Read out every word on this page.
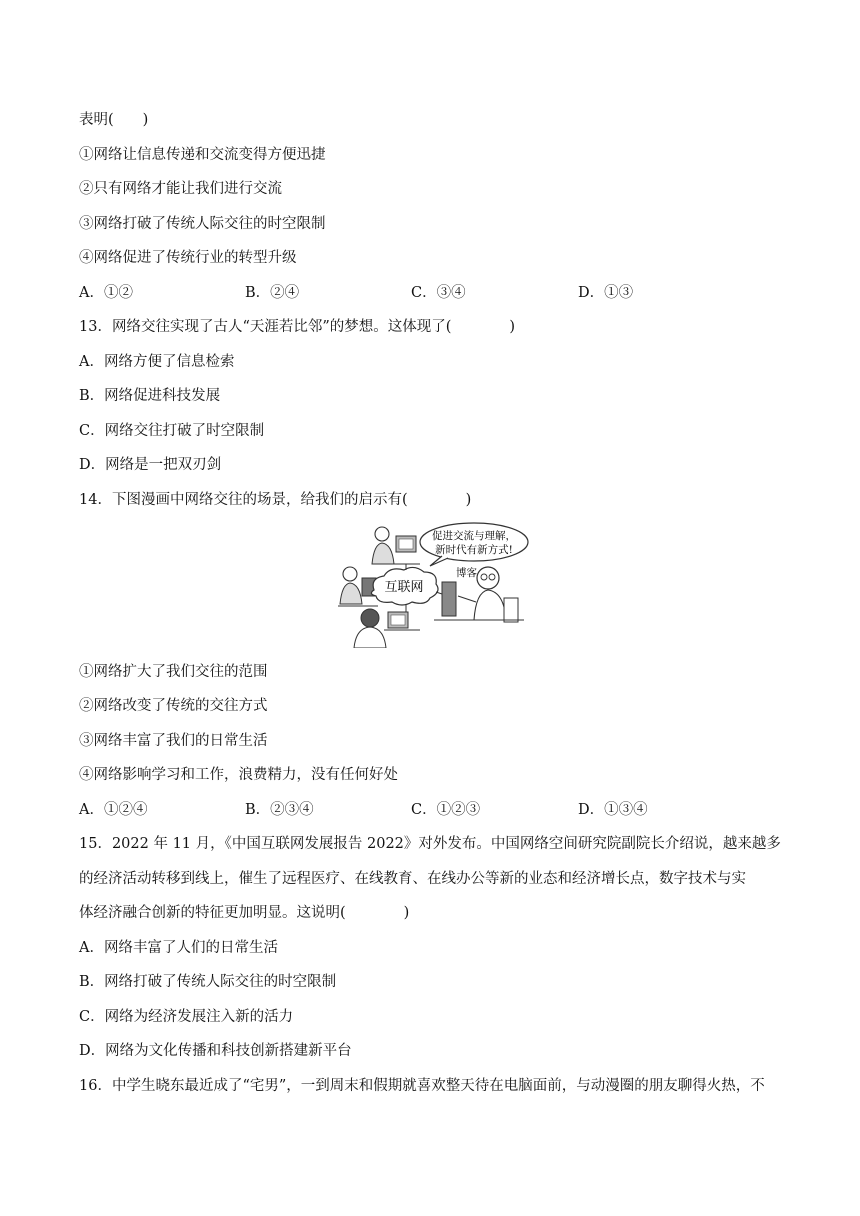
表明(　　)
①网络让信息传递和交流变得方便迅捷
②只有网络才能让我们进行交流
③网络打破了传统人际交往的时空限制
④网络促进了传统行业的转型升级
A．①②	B．②④	C．③④	D．①③
13．网络交往实现了古人“天涯若比邻”的梦想。这体现了(　　　　)
A．网络方便了信息检索
B．网络促进科技发展
C．网络交往打破了时空限制
D．网络是一把双刃剑
14．下图漫画中网络交往的场景，给我们的启示有(　　　　)
促进交流与理解，
新时代有新方式!
互联网
博客
①网络扩大了我们交往的范围
②网络改变了传统的交往方式
③网络丰富了我们的日常生活
④网络影响学习和工作，浪费精力，没有任何好处
A．①②④	B．②③④	C．①②③	D．①③④
15．2022 年 11 月，《中国互联网发展报告 2022》对外发布。中国网络空间研究院副院长介绍说，越来越多
的经济活动转移到线上，催生了远程医疗、在线教育、在线办公等新的业态和经济增长点，数字技术与实
体经济融合创新的特征更加明显。这说明(　　　　)
A．网络丰富了人们的日常生活
B．网络打破了传统人际交往的时空限制
C．网络为经济发展注入新的活力
D．网络为文化传播和科技创新搭建新平台
16．中学生晓东最近成了“宅男”，一到周末和假期就喜欢整天待在电脑面前，与动漫圈的朋友聊得火热，不
